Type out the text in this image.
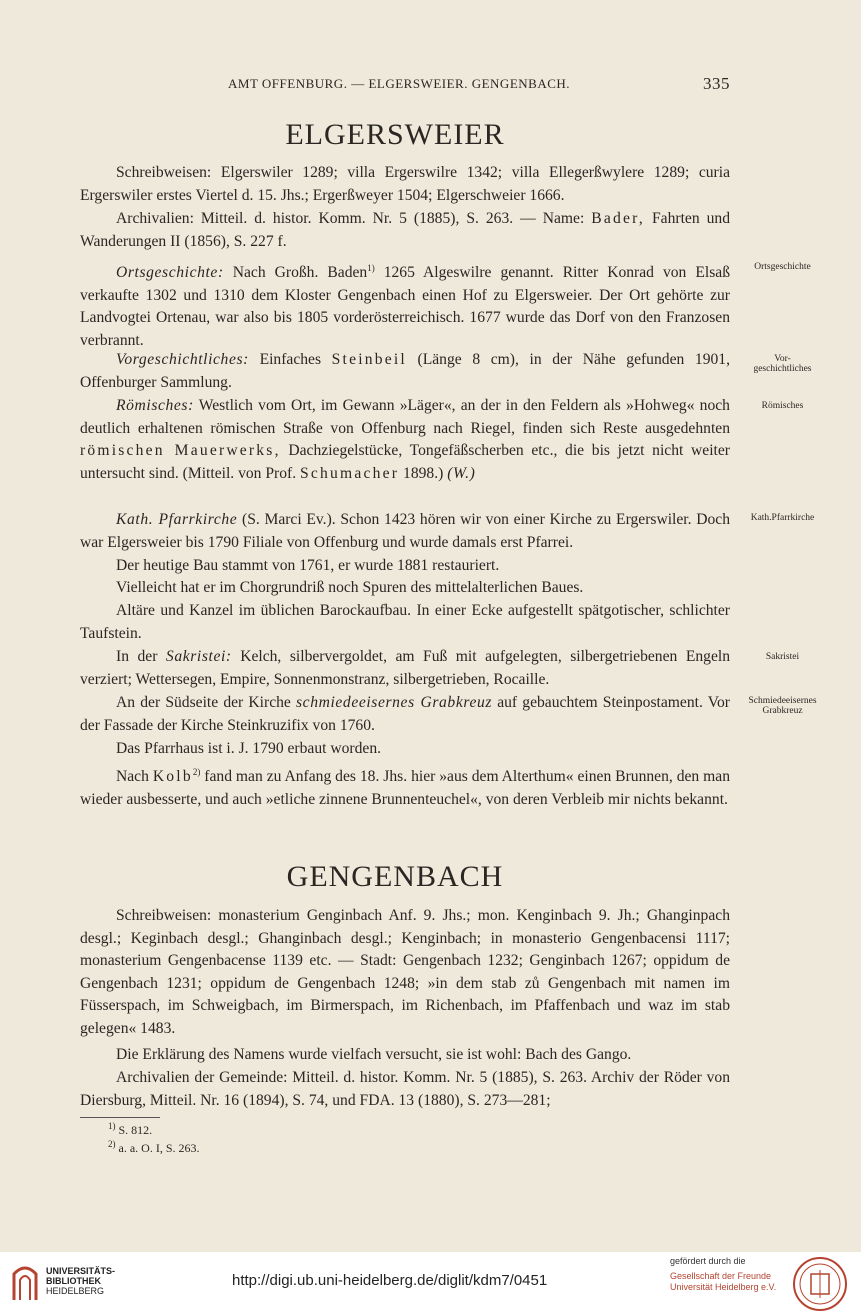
AMT OFFENBURG. — ELGERSWEIER. GENGENBACH.	335
ELGERSWEIER

Schreibweisen: Elgerswiler 1289; villa Ergerswilre 1342; villa Ellegerßwylere 1289; curia Ergerswiler erstes Viertel d. 15. Jhs.; Ergerßweyer 1504; Elgerschweier 1666.

Archivalien: Mitteil. d. histor. Komm. Nr. 5 (1885), S. 263. — Name: Bader, Fahrten und Wanderungen II (1856), S. 227 f.

Ortsgeschichte: Nach Großh. Baden$^{1)}$ 1265 Algeswilre genannt. Ritter Konrad von Elsaß verkaufte 1302 und 1310 dem Kloster Gengenbach einen Hof zu Elgersweier. Der Ort gehörte zur Landvogtei Ortenau, war also bis 1805 vorderösterreichisch. 1677 wurde das Dorf von den Franzosen verbrannt.

Vorgeschichtliches: Einfaches Steinbeil (Länge 8 cm), in der Nähe gefunden 1901, Offenburger Sammlung.

Römisches: Westlich vom Ort, im Gewann »Läger«, an der in den Feldern als »Hohweg« noch deutlich erhaltenen römischen Straße von Offenburg nach Riegel, finden sich Reste ausgedehnten römischen Mauerwerks, Dachziegelstücke, Tongefäßscherben etc., die bis jetzt nicht weiter untersucht sind. (Mitteil. von Prof. Schumacher 1898.) (W.)

Kath. Pfarrkirche (S. Marci Ev.). Schon 1423 hören wir von einer Kirche zu Ergerswiler. Doch war Elgersweier bis 1790 Filiale von Offenburg und wurde damals erst Pfarrei.

Der heutige Bau stammt von 1761, er wurde 1881 restauriert.

Vielleicht hat er im Chorgrundriß noch Spuren des mittelalterlichen Baues.

Altäre und Kanzel im üblichen Barockaufbau. In einer Ecke aufgestellt spätgotischer, schlichter Taufstein.

In der Sakristei: Kelch, silbervergoldet, am Fuß mit aufgelegten, silbergetriebenen Engeln verziert; Wettersegen, Empire, Sonnenmonstranz, silbergetrieben, Rocaille.

An der Südseite der Kirche schmiedeeisernes Grabkreuz auf gebauchtem Steinpostament. Vor der Fassade der Kirche Steinkruzifix von 1760.

Das Pfarrhaus ist i. J. 1790 erbaut worden.

Nach Kolb$^{2)}$ fand man zu Anfang des 18. Jhs. hier »aus dem Alterthum« einen Brunnen, den man wieder ausbesserte, und auch »etliche zinnene Brunnenteuchel«, von deren Verbleib mir nichts bekannt.

Ortsgeschichte
Vor-
geschichtliches
Römisches
Kath.Pfarrkirche
Sakristei
Schmiedeeisernes
Grabkreuz
GENGENBACH

Schreibweisen: monasterium Genginbach Anf. 9. Jhs.; mon. Kenginbach 9. Jh.; Ghanginpach desgl.; Keginbach desgl.; Ghanginbach desgl.; Kenginbach; in monasterio Gengenbacensi 1117; monasterium Gengenbacense 1139 etc. — Stadt: Gengenbach 1232; Genginbach 1267; oppidum de Gengenbach 1231; oppidum de Gengenbach 1248; »in dem stab zů Gengenbach mit namen im Füsserspach, im Schweigbach, im Birmerspach, im Richenbach, im Pfaffenbach und waz im stab gelegen« 1483.

Die Erklärung des Namens wurde vielfach versucht, sie ist wohl: Bach des Gango.

Archivalien der Gemeinde: Mitteil. d. histor. Komm. Nr. 5 (1885), S. 263. Archiv der Röder von Diersburg, Mitteil. Nr. 16 (1894), S. 74, und FDA. 13 (1880), S. 273—281;

$^{1)}$ S. 812.
$^{2)}$ a. a. O. I, S. 263.
UNIVERSITÄTS-
BIBLIOTHEK
HEIDELBERG
http://digi.ub.uni-heidelberg.de/diglit/kdm7/0451
gefördert durch die
Gesellschaft der Freunde
Universität Heidelberg e.V.
